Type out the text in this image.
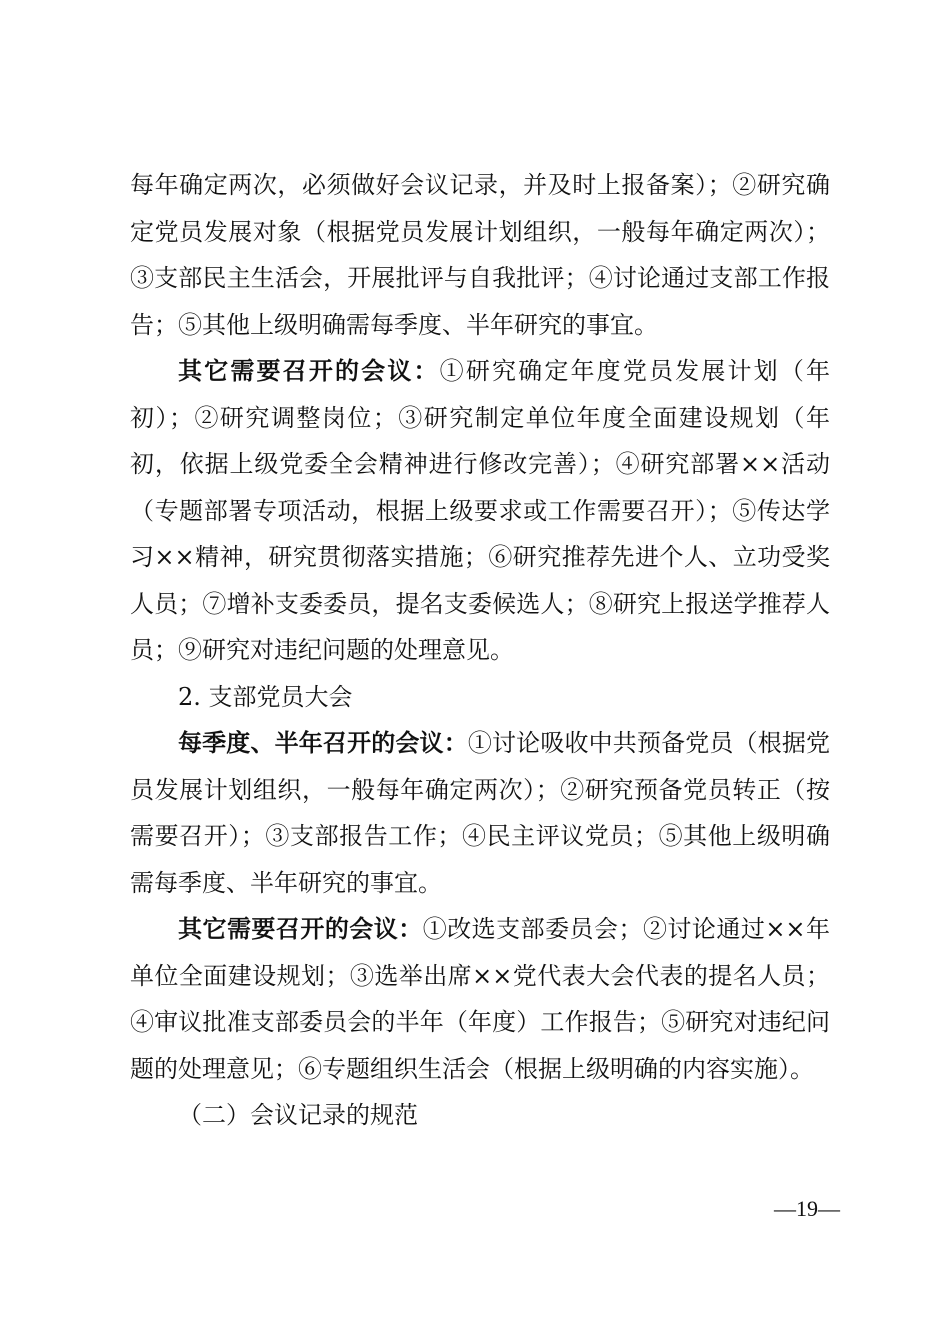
每年确定两次，必须做好会议记录，并及时上报备案）；②研究确定党员发展对象（根据党员发展计划组织，一般每年确定两次）；③支部民主生活会，开展批评与自我批评；④讨论通过支部工作报告；⑤其他上级明确需每季度、半年研究的事宜。

其它需要召开的会议：①研究确定年度党员发展计划（年初）；②研究调整岗位；③研究制定单位年度全面建设规划（年初，依据上级党委全会精神进行修改完善）；④研究部署××活动（专题部署专项活动，根据上级要求或工作需要召开）；⑤传达学习××精神，研究贯彻落实措施；⑥研究推荐先进个人、立功受奖人员；⑦增补支委委员，提名支委候选人；⑧研究上报送学推荐人员；⑨研究对违纪问题的处理意见。

2. 支部党员大会

每季度、半年召开的会议：①讨论吸收中共预备党员（根据党员发展计划组织，一般每年确定两次）；②研究预备党员转正（按需要召开）；③支部报告工作；④民主评议党员；⑤其他上级明确需每季度、半年研究的事宜。

其它需要召开的会议：①改选支部委员会；②讨论通过××年单位全面建设规划；③选举出席××党代表大会代表的提名人员；④审议批准支部委员会的半年（年度）工作报告；⑤研究对违纪问题的处理意见；⑥专题组织生活会（根据上级明确的内容实施）。

（二）会议记录的规范

—19—
